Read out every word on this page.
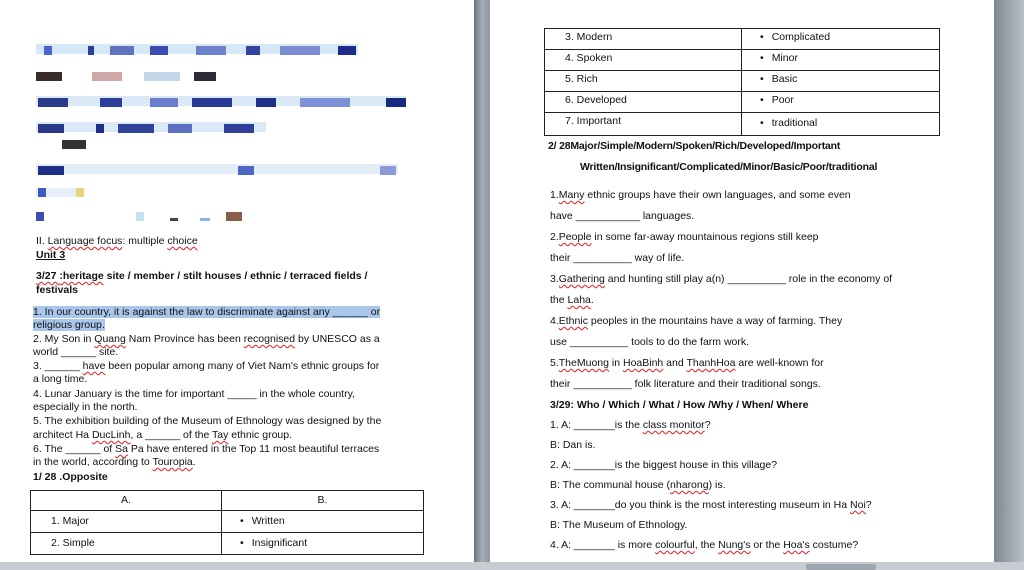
II. Language focus: multiple choice
Unit 3
3/27 :heritage site / member / stilt houses / ethnic / terraced fields /
festivals
1. In our country, it is against the law to discriminate against any ______ or
religious group.
2. My Son in Quang Nam Province has been recognised by UNESCO as a
world ______ site.
3. ______ have been popular among many of Viet Nam's ethnic groups for
a long time.
4. Lunar January is the time for important _____ in the whole country,
especially in the north.
5. The exhibition building of the Museum of Ethnology was designed by the
architect Ha DucLinh, a ______ of the Tay ethnic group.
6. The ______ of Sa Pa have entered in the Top 11 most beautiful terraces
in the world, according to Touropia.
1/ 28 .Opposite
A.	B.
1. Major	• Written
2. Simple	• Insignificant
3. Modern	• Complicated
4. Spoken	• Minor
5. Rich	• Basic
6. Developed	• Poor
7. Important	• traditional
2/ 28Major/Simple/Modern/Spoken/Rich/Developed/Important
Written/Insignificant/Complicated/Minor/Basic/Poor/traditional
1.Many ethnic groups have their own languages, and some even
have ___________ languages.
2.People in some far-away mountainous regions still keep
their __________ way of life.
3.Gathering and hunting still play a(n) __________ role in the economy of
the Laha.
4.Ethnic peoples in the mountains have a way of farming. They
use __________ tools to do the farm work.
5.TheMuong in HoaBinh and ThanhHoa are well-known for
their __________ folk literature and their traditional songs.
3/29: Who / Which / What / How /Why / When/ Where
1. A: _______is the class monitor?
B: Dan is.
2. A: _______is the biggest house in this village?
B: The communal house (nharong) is.
3. A: _______do you think is the most interesting museum in Ha Noi?
B: The Museum of Ethnology.
4. A: _______ is more colourful, the Nung's or the Hoa's costume?
